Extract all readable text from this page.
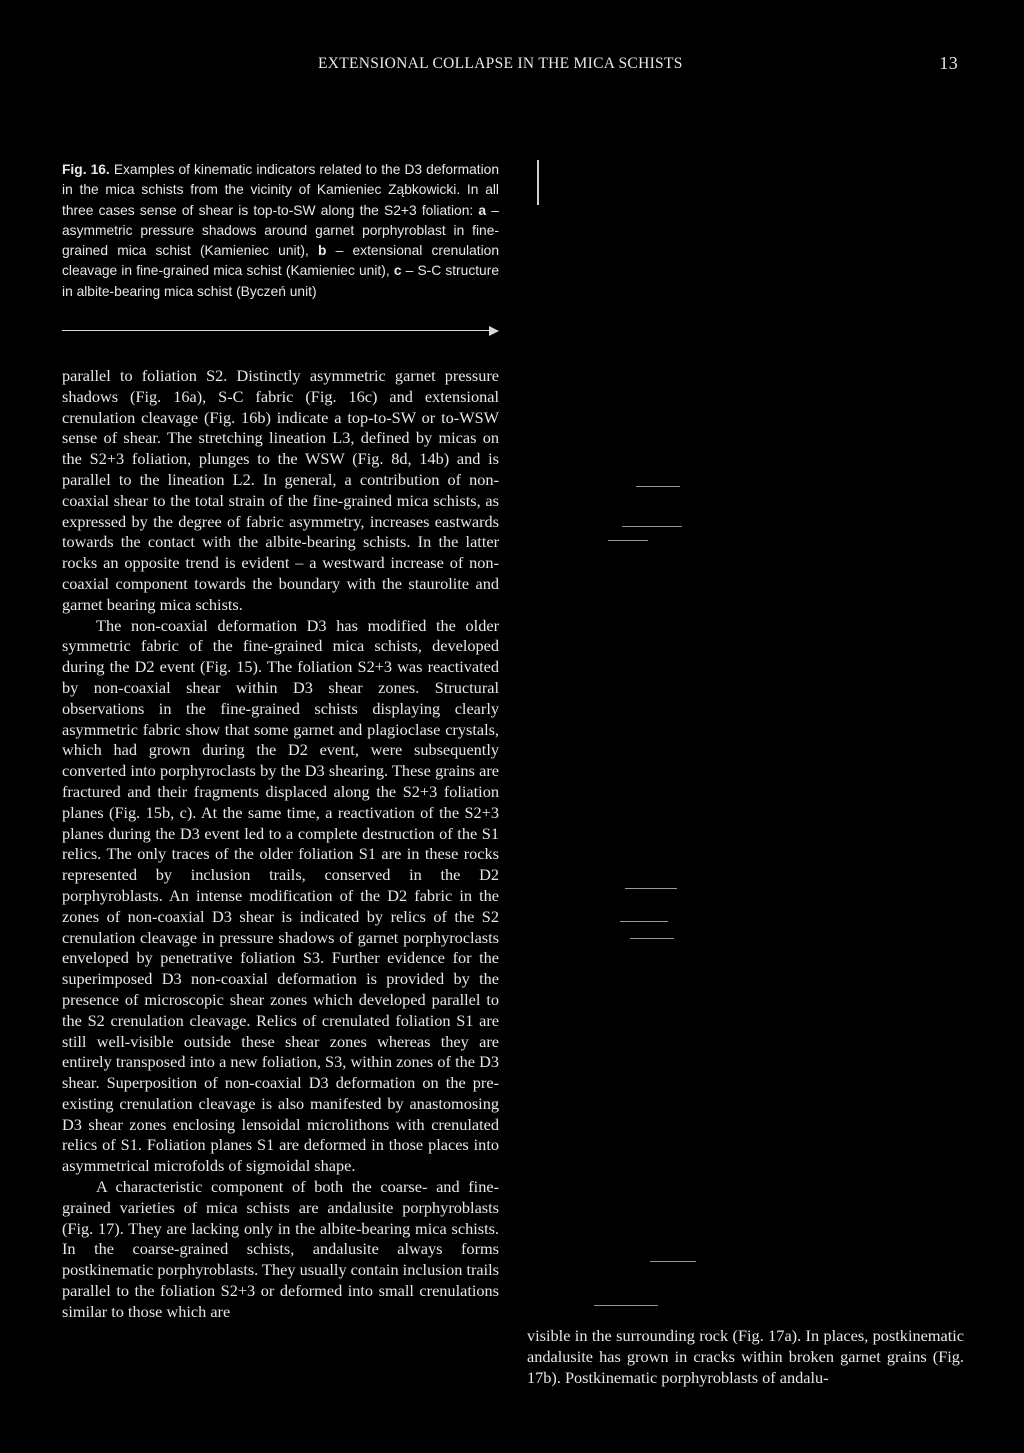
EXTENSIONAL COLLAPSE IN THE MICA SCHISTS	13
Fig. 16. Examples of kinematic indicators related to the D3 deformation in the mica schists from the vicinity of Kamieniec Ząbkowicki. In all three cases sense of shear is top-to-SW along the S2+3 foliation: a – asymmetric pressure shadows around garnet porphyroblast in fine-grained mica schist (Kamieniec unit), b – extensional crenulation cleavage in fine-grained mica schist (Kamieniec unit), c – S-C structure in albite-bearing mica schist (Byczeń unit)

parallel to foliation S2. Distinctly asymmetric garnet pressure shadows (Fig. 16a), S-C fabric (Fig. 16c) and extensional crenulation cleavage (Fig. 16b) indicate a top-to-SW or to-WSW sense of shear. The stretching lineation L3, defined by micas on the S2+3 foliation, plunges to the WSW (Fig. 8d, 14b) and is parallel to the lineation L2. In general, a contribution of non-coaxial shear to the total strain of the fine-grained mica schists, as expressed by the degree of fabric asymmetry, increases eastwards towards the contact with the albite-bearing schists. In the latter rocks an opposite trend is evident – a westward increase of non-coaxial component towards the boundary with the staurolite and garnet bearing mica schists.

The non-coaxial deformation D3 has modified the older symmetric fabric of the fine-grained mica schists, developed during the D2 event (Fig. 15). The foliation S2+3 was reactivated by non-coaxial shear within D3 shear zones. Structural observations in the fine-grained schists displaying clearly asymmetric fabric show that some garnet and plagioclase crystals, which had grown during the D2 event, were subsequently converted into porphyroclasts by the D3 shearing. These grains are fractured and their fragments displaced along the S2+3 foliation planes (Fig. 15b, c). At the same time, a reactivation of the S2+3 planes during the D3 event led to a complete destruction of the S1 relics. The only traces of the older foliation S1 are in these rocks represented by inclusion trails, conserved in the D2 porphyroblasts. An intense modification of the D2 fabric in the zones of non-coaxial D3 shear is indicated by relics of the S2 crenulation cleavage in pressure shadows of garnet porphyroclasts enveloped by penetrative foliation S3. Further evidence for the superimposed D3 non-coaxial deformation is provided by the presence of microscopic shear zones which developed parallel to the S2 crenulation cleavage. Relics of crenulated foliation S1 are still well-visible outside these shear zones whereas they are entirely transposed into a new foliation, S3, within zones of the D3 shear. Superposition of non-coaxial D3 deformation on the pre-existing crenulation cleavage is also manifested by anastomosing D3 shear zones enclosing lensoidal microlithons with crenulated relics of S1. Foliation planes S1 are deformed in those places into asymmetrical microfolds of sigmoidal shape.

A characteristic component of both the coarse- and fine-grained varieties of mica schists are andalusite porphyroblasts (Fig. 17). They are lacking only in the albite-bearing mica schists. In the coarse-grained schists, andalusite always forms postkinematic porphyroblasts. They usually contain inclusion trails parallel to the foliation S2+3 or deformed into small crenulations similar to those which are

visible in the surrounding rock (Fig. 17a). In places, postkinematic andalusite has grown in cracks within broken garnet grains (Fig. 17b). Postkinematic porphyroblasts of andalu-
